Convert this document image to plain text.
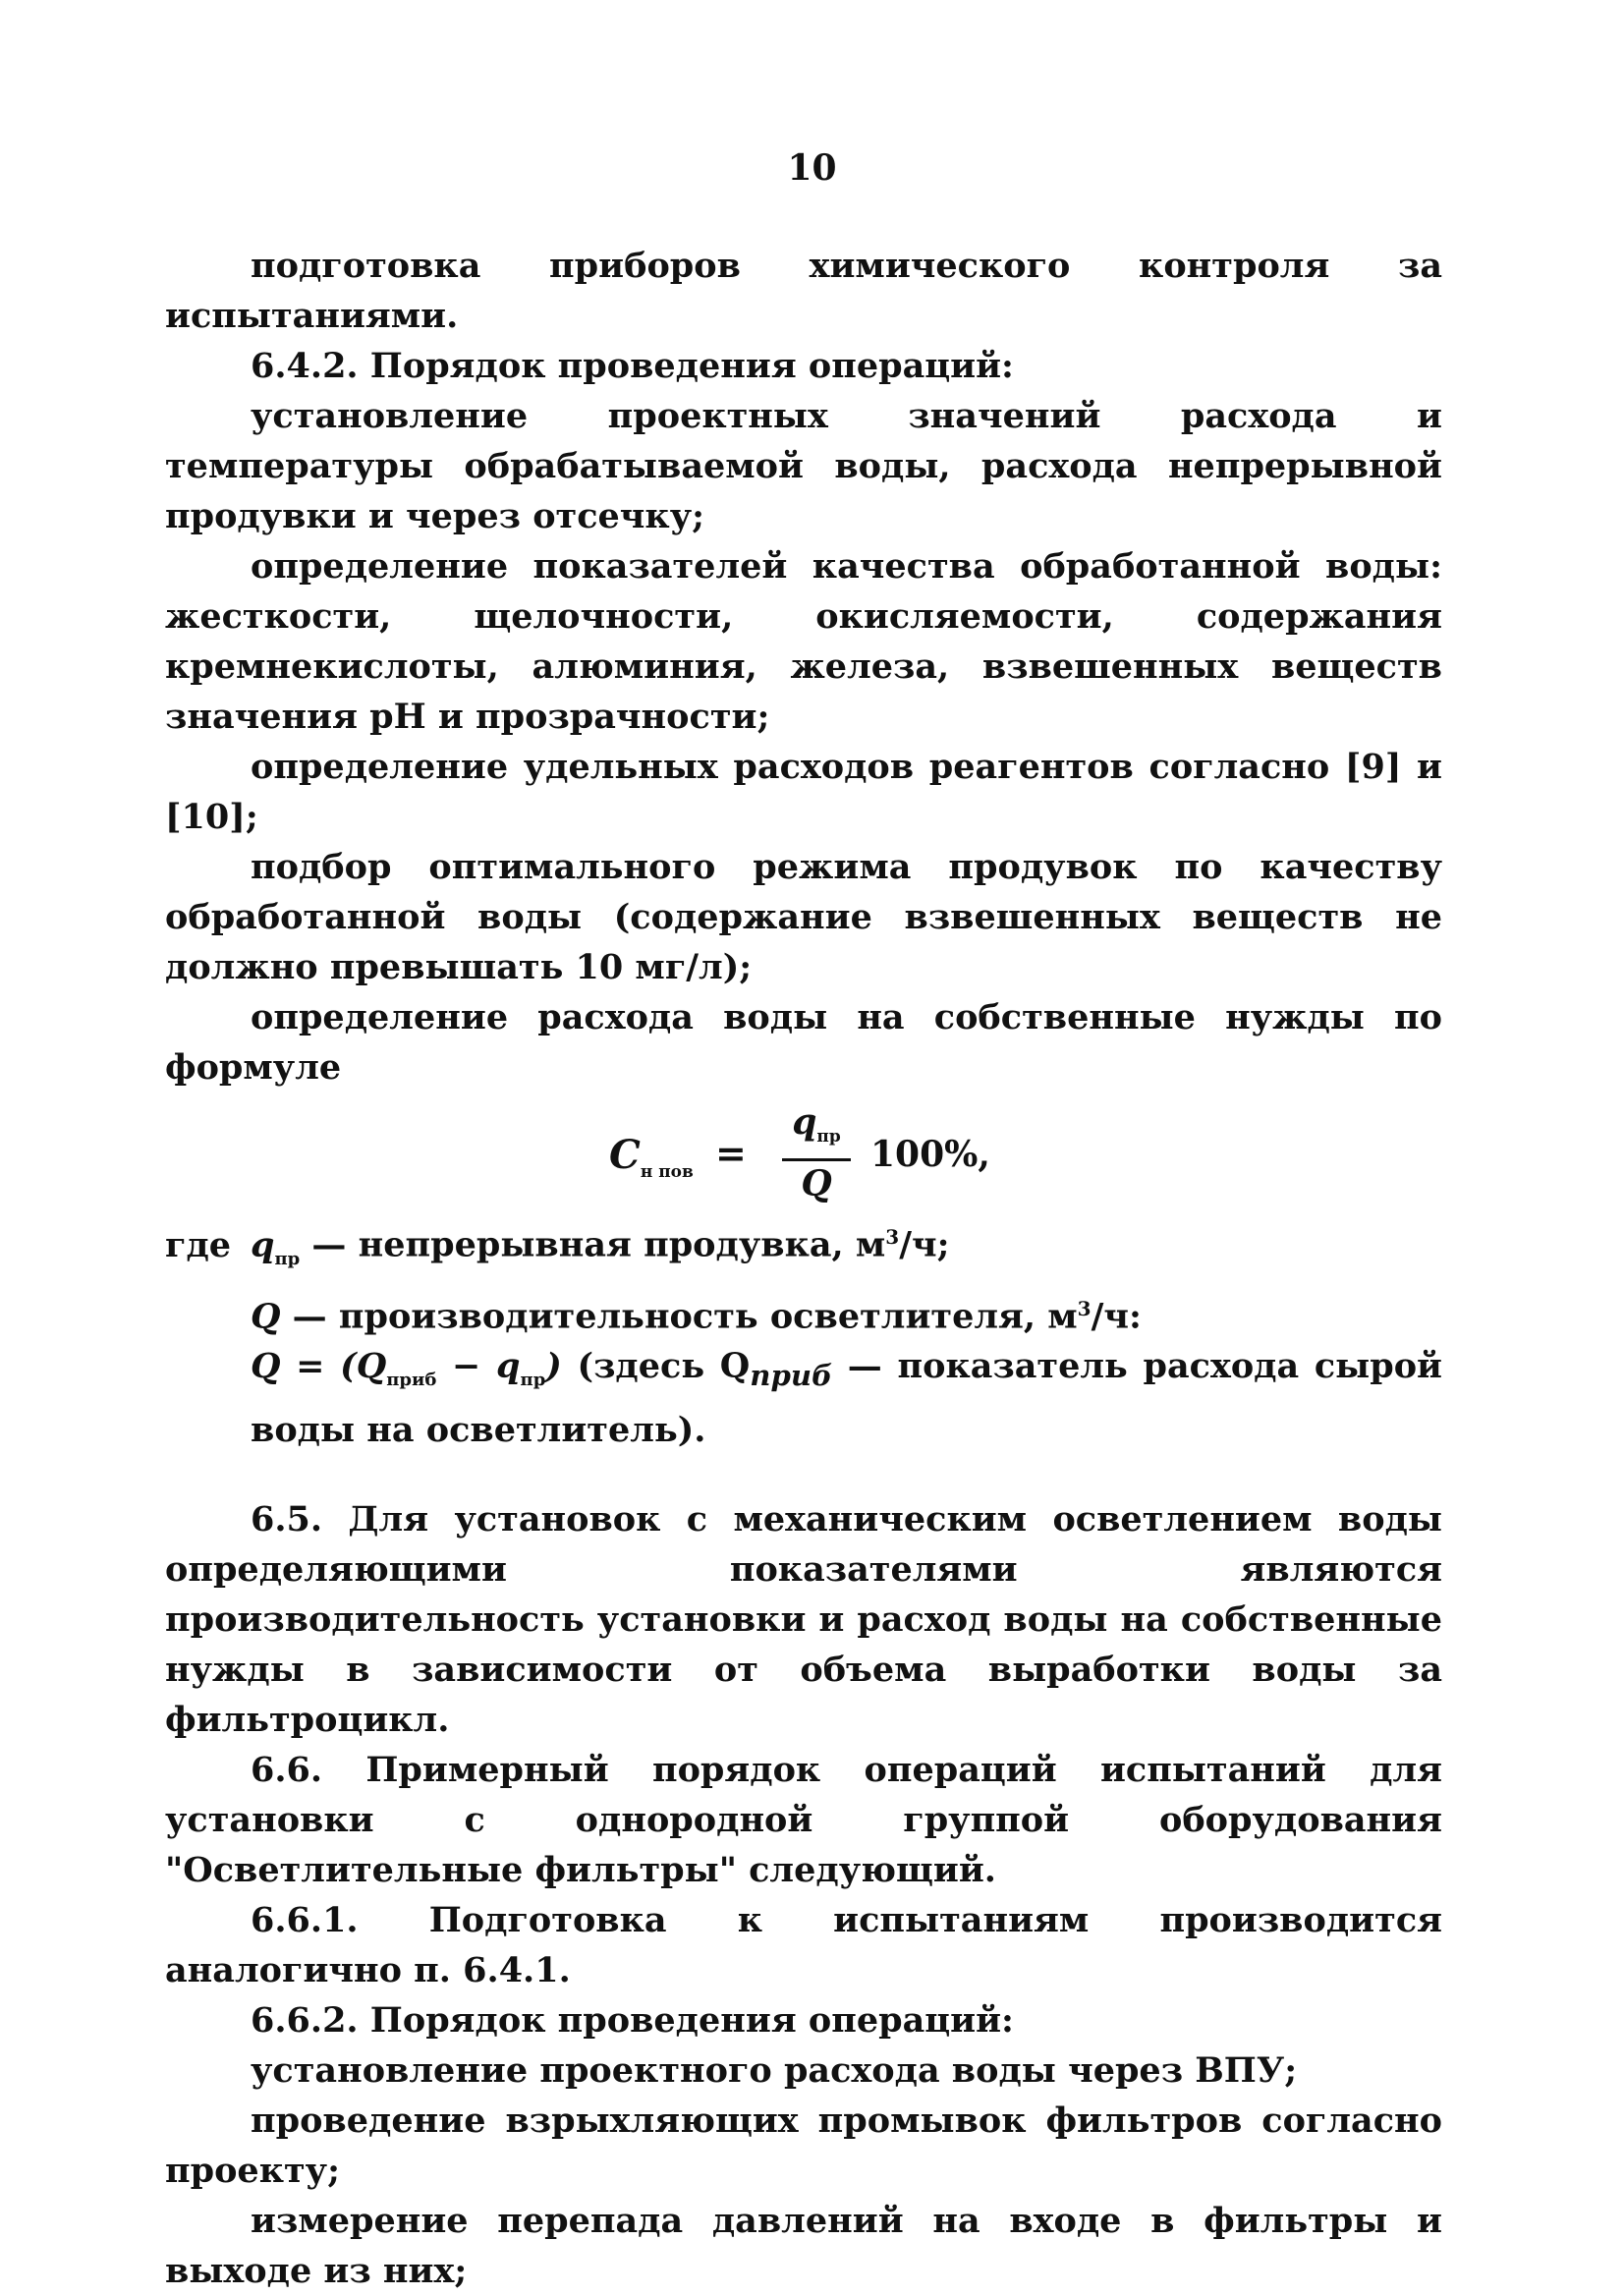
10

подготовка приборов химического контроля за испытаниями.

6.4.2. Порядок проведения операций:

установление проектных значений расхода и температуры обрабатываемой воды, расхода непрерывной продувки и через отсечку;

определение показателей качества обработанной воды: жесткости, щелочности, окисляемости, содержания кремнекислоты, алюминия, железа, взвешенных веществ значения pH и прозрачности;

определение удельных расходов реагентов согласно [9] и [10];

подбор оптимального режима продувок по качеству обработанной воды (содержание взвешенных веществ не должно превышать 10 мг/л);

определение расхода воды на собственные нужды по формуле

$C_{н пов}$ =
$q_{пр}$
Q
100%,

где $q_{пр}$ — непрерывная продувка, $м^3/ч$;

Q — производительность осветлителя, $м^3/ч$:

$Q = (Q_{приб} - q_{пр})$ (здесь $Q_{приб}$ — показатель расхода сырой воды на осветлитель).

6.5. Для установок с механическим осветлением воды определяющими показателями являются производительность установки и расход воды на собственные нужды в зависимости от объема выработки воды за фильтроцикл.

6.6. Примерный порядок операций испытаний для установки с однородной группой оборудования "Осветлительные фильтры" следующий.

6.6.1. Подготовка к испытаниям производится аналогично п. 6.4.1.

6.6.2. Порядок проведения операций:

установление проектного расхода воды через ВПУ;

проведение взрыхляющих промывок фильтров согласно проекту;

измерение перепада давлений на входе в фильтры и выходе из них;
